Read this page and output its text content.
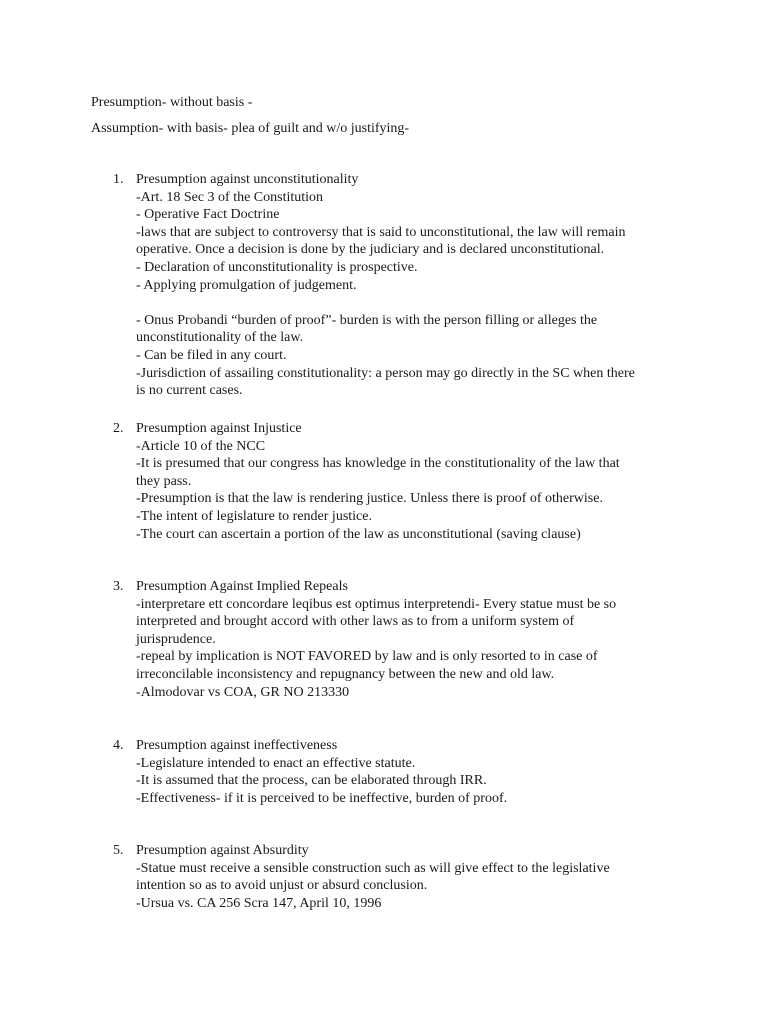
Presumption- without basis -

Assumption- with basis- plea of guilt and w/o justifying-

1. Presumption against unconstitutionality
-Art. 18 Sec 3 of the Constitution
- Operative Fact Doctrine
-laws that are subject to controversy that is said to unconstitutional, the law will remain
operative. Once a decision is done by the judiciary and is declared unconstitutional.
- Declaration of unconstitutionality is prospective.
- Applying promulgation of judgement.
- Onus Probandi “burden of proof”- burden is with the person filling or alleges the
unconstitutionality of the law.
- Can be filed in any court.
-Jurisdiction of assailing constitutionality: a person may go directly in the SC when there
is no current cases.
2. Presumption against Injustice
-Article 10 of the NCC
-It is presumed that our congress has knowledge in the constitutionality of the law that
they pass.
-Presumption is that the law is rendering justice. Unless there is proof of otherwise.
-The intent of legislature to render justice.
-The court can ascertain a portion of the law as unconstitutional (saving clause)
3. Presumption Against Implied Repeals
-interpretare ett concordare leqibus est optimus interpretendi- Every statue must be so
interpreted and brought accord with other laws as to from a uniform system of
jurisprudence.
-repeal by implication is NOT FAVORED by law and is only resorted to in case of
irreconcilable inconsistency and repugnancy between the new and old law.
-Almodovar vs COA, GR NO 213330
4. Presumption against ineffectiveness
-Legislature intended to enact an effective statute.
-It is assumed that the process, can be elaborated through IRR.
-Effectiveness- if it is perceived to be ineffective, burden of proof.
5. Presumption against Absurdity
-Statue must receive a sensible construction such as will give effect to the legislative
intention so as to avoid unjust or absurd conclusion.
-Ursua vs. CA 256 Scra 147, April 10, 1996
